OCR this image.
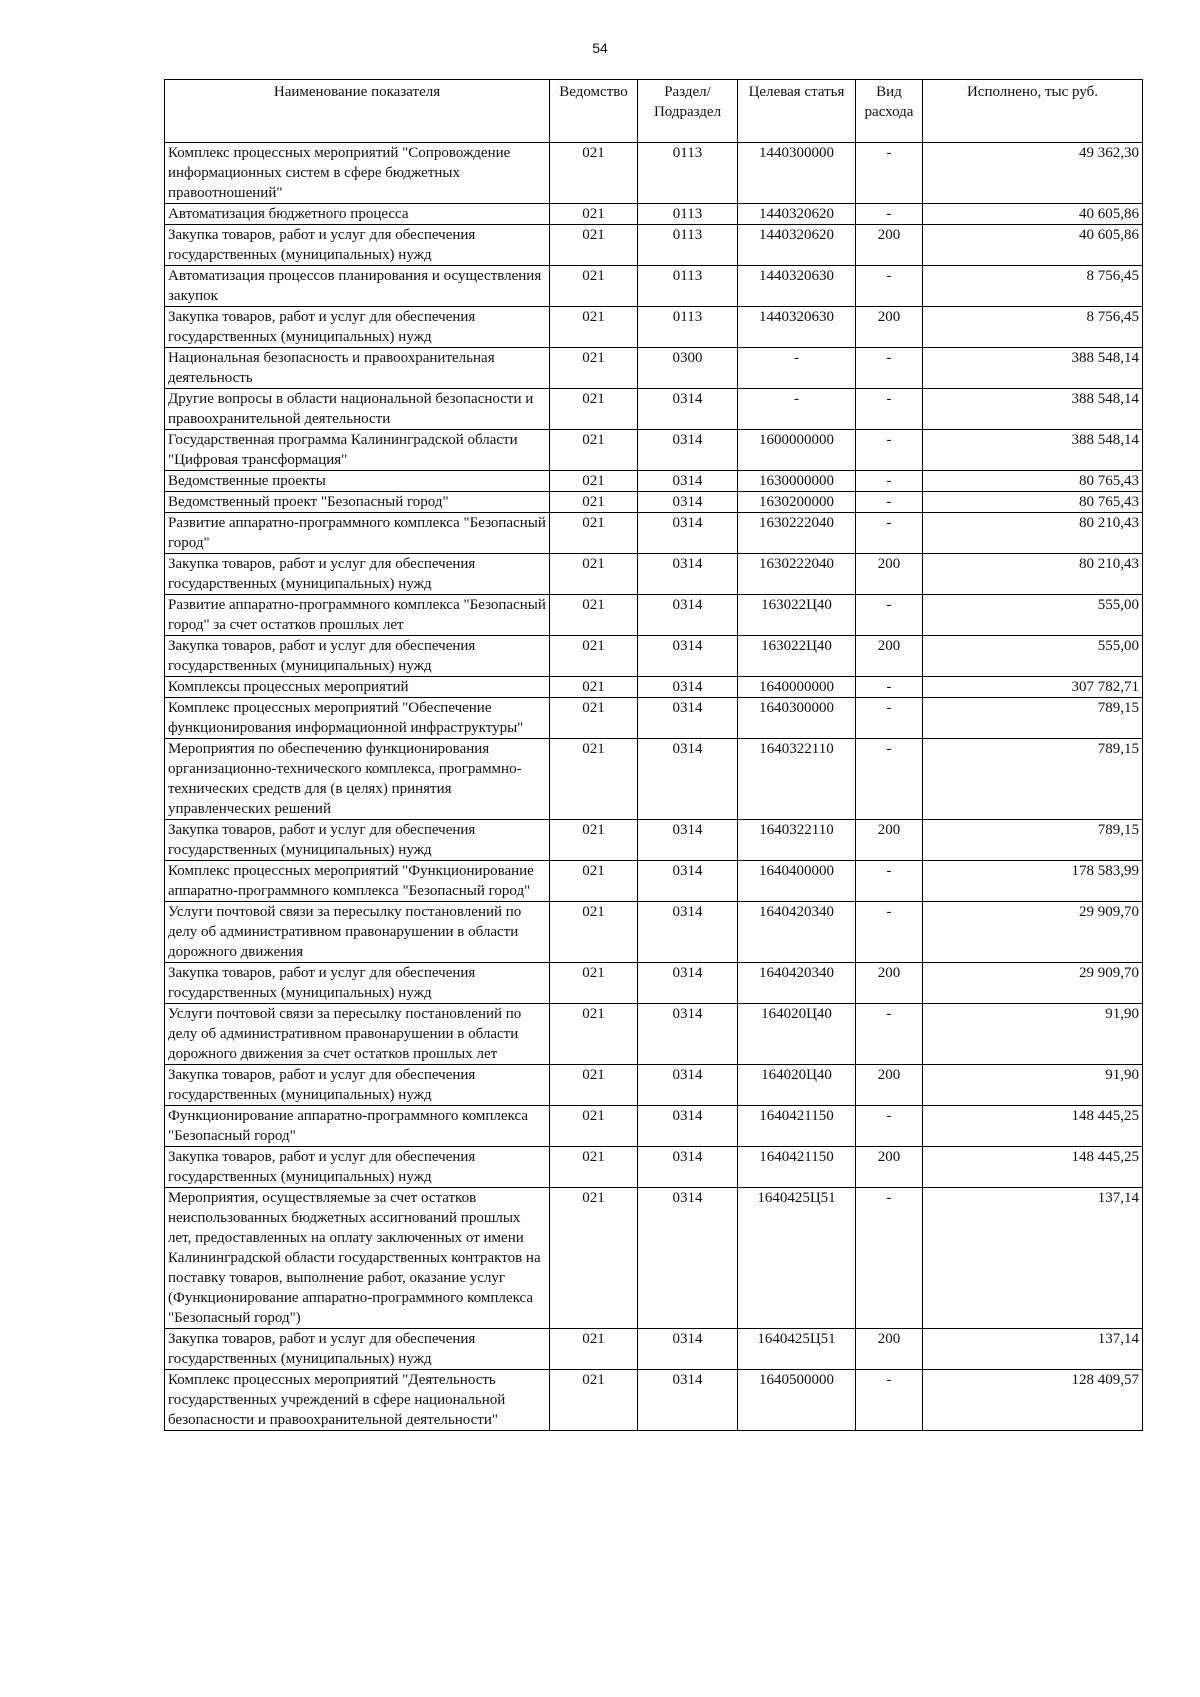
54
Наименование показателя	Ведомство	Раздел/ Подраздел	Целевая статья	Вид расхода	Исполнено, тыс руб.
Комплекс процессных мероприятий "Сопровождение информационных систем в сфере бюджетных правоотношений"	021	0113	1440300000	-	49 362,30
Автоматизация бюджетного процесса	021	0113	1440320620	-	40 605,86
Закупка товаров, работ и услуг для обеспечения государственных (муниципальных) нужд	021	0113	1440320620	200	40 605,86
Автоматизация процессов планирования и осуществления закупок	021	0113	1440320630	-	8 756,45
Закупка товаров, работ и услуг для обеспечения государственных (муниципальных) нужд	021	0113	1440320630	200	8 756,45
Национальная безопасность и правоохранительная деятельность	021	0300	-	-	388 548,14
Другие вопросы в области национальной безопасности и правоохранительной деятельности	021	0314	-	-	388 548,14
Государственная программа Калининградской области "Цифровая трансформация"	021	0314	1600000000	-	388 548,14
Ведомственные проекты	021	0314	1630000000	-	80 765,43
Ведомственный проект "Безопасный город"	021	0314	1630200000	-	80 765,43
Развитие аппаратно-программного комплекса "Безопасный город"	021	0314	1630222040	-	80 210,43
Закупка товаров, работ и услуг для обеспечения государственных (муниципальных) нужд	021	0314	1630222040	200	80 210,43
Развитие аппаратно-программного комплекса "Безопасный город" за счет остатков прошлых лет	021	0314	163022Ц40	-	555,00
Закупка товаров, работ и услуг для обеспечения государственных (муниципальных) нужд	021	0314	163022Ц40	200	555,00
Комплексы процессных мероприятий	021	0314	1640000000	-	307 782,71
Комплекс процессных мероприятий "Обеспечение функционирования информационной инфраструктуры"	021	0314	1640300000	-	789,15
Мероприятия по обеспечению функционирования организационно-технического комплекса, программно-технических средств для (в целях) принятия управленческих решений	021	0314	1640322110	-	789,15
Закупка товаров, работ и услуг для обеспечения государственных (муниципальных) нужд	021	0314	1640322110	200	789,15
Комплекс процессных мероприятий "Функционирование аппаратно-программного комплекса "Безопасный город"	021	0314	1640400000	-	178 583,99
Услуги почтовой связи за пересылку постановлений по делу об административном правонарушении в области дорожного движения	021	0314	1640420340	-	29 909,70
Закупка товаров, работ и услуг для обеспечения государственных (муниципальных) нужд	021	0314	1640420340	200	29 909,70
Услуги почтовой связи за пересылку постановлений по делу об административном правонарушении в области дорожного движения за счет остатков прошлых лет	021	0314	164020Ц40	-	91,90
Закупка товаров, работ и услуг для обеспечения государственных (муниципальных) нужд	021	0314	164020Ц40	200	91,90
Функционирование аппаратно-программного комплекса "Безопасный город"	021	0314	1640421150	-	148 445,25
Закупка товаров, работ и услуг для обеспечения государственных (муниципальных) нужд	021	0314	1640421150	200	148 445,25
Мероприятия, осуществляемые за счет остатков неиспользованных бюджетных ассигнований прошлых лет, предоставленных на оплату заключенных от имени Калининградской области государственных контрактов на поставку товаров, выполнение работ, оказание услуг (Функционирование аппаратно-программного комплекса "Безопасный город")	021	0314	1640425Ц51	-	137,14
Закупка товаров, работ и услуг для обеспечения государственных (муниципальных) нужд	021	0314	1640425Ц51	200	137,14
Комплекс процессных мероприятий "Деятельность государственных учреждений в сфере национальной безопасности и правоохранительной деятельности"	021	0314	1640500000	-	128 409,57
